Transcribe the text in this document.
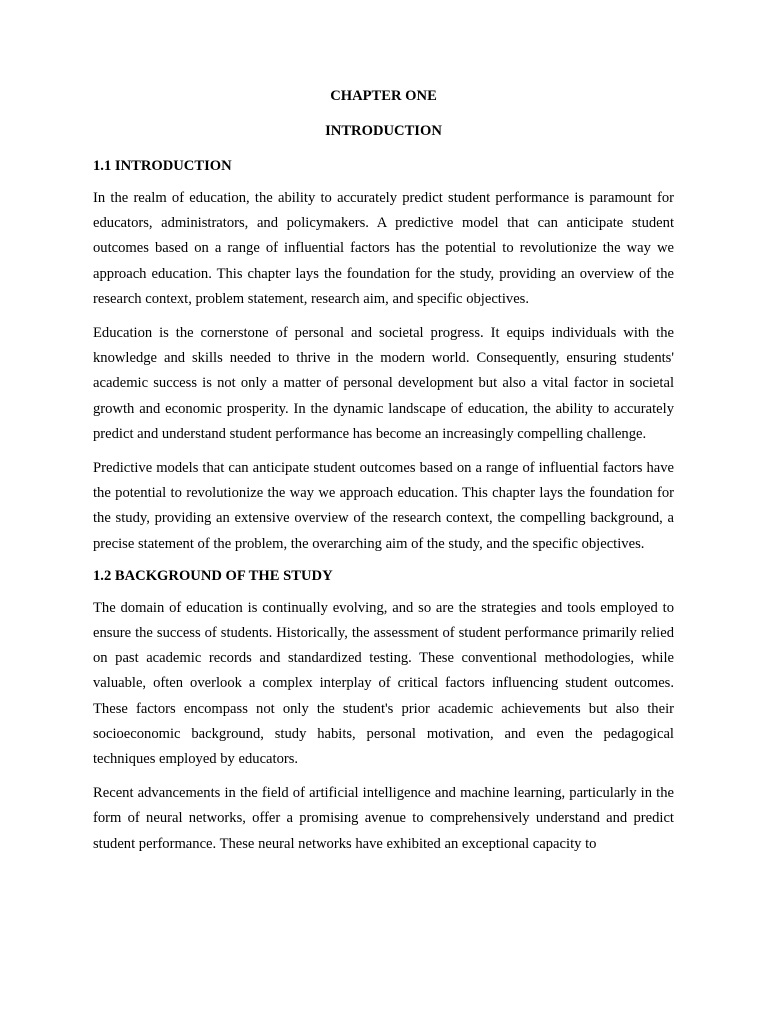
CHAPTER ONE

INTRODUCTION

1.1 INTRODUCTION

In the realm of education, the ability to accurately predict student performance is paramount for educators, administrators, and policymakers. A predictive model that can anticipate student outcomes based on a range of influential factors has the potential to revolutionize the way we approach education. This chapter lays the foundation for the study, providing an overview of the research context, problem statement, research aim, and specific objectives.

Education is the cornerstone of personal and societal progress. It equips individuals with the knowledge and skills needed to thrive in the modern world. Consequently, ensuring students' academic success is not only a matter of personal development but also a vital factor in societal growth and economic prosperity. In the dynamic landscape of education, the ability to accurately predict and understand student performance has become an increasingly compelling challenge.

Predictive models that can anticipate student outcomes based on a range of influential factors have the potential to revolutionize the way we approach education. This chapter lays the foundation for the study, providing an extensive overview of the research context, the compelling background, a precise statement of the problem, the overarching aim of the study, and the specific objectives.

1.2 BACKGROUND OF THE STUDY

The domain of education is continually evolving, and so are the strategies and tools employed to ensure the success of students. Historically, the assessment of student performance primarily relied on past academic records and standardized testing. These conventional methodologies, while valuable, often overlook a complex interplay of critical factors influencing student outcomes. These factors encompass not only the student's prior academic achievements but also their socioeconomic background, study habits, personal motivation, and even the pedagogical techniques employed by educators.

Recent advancements in the field of artificial intelligence and machine learning, particularly in the form of neural networks, offer a promising avenue to comprehensively understand and predict student performance. These neural networks have exhibited an exceptional capacity to
